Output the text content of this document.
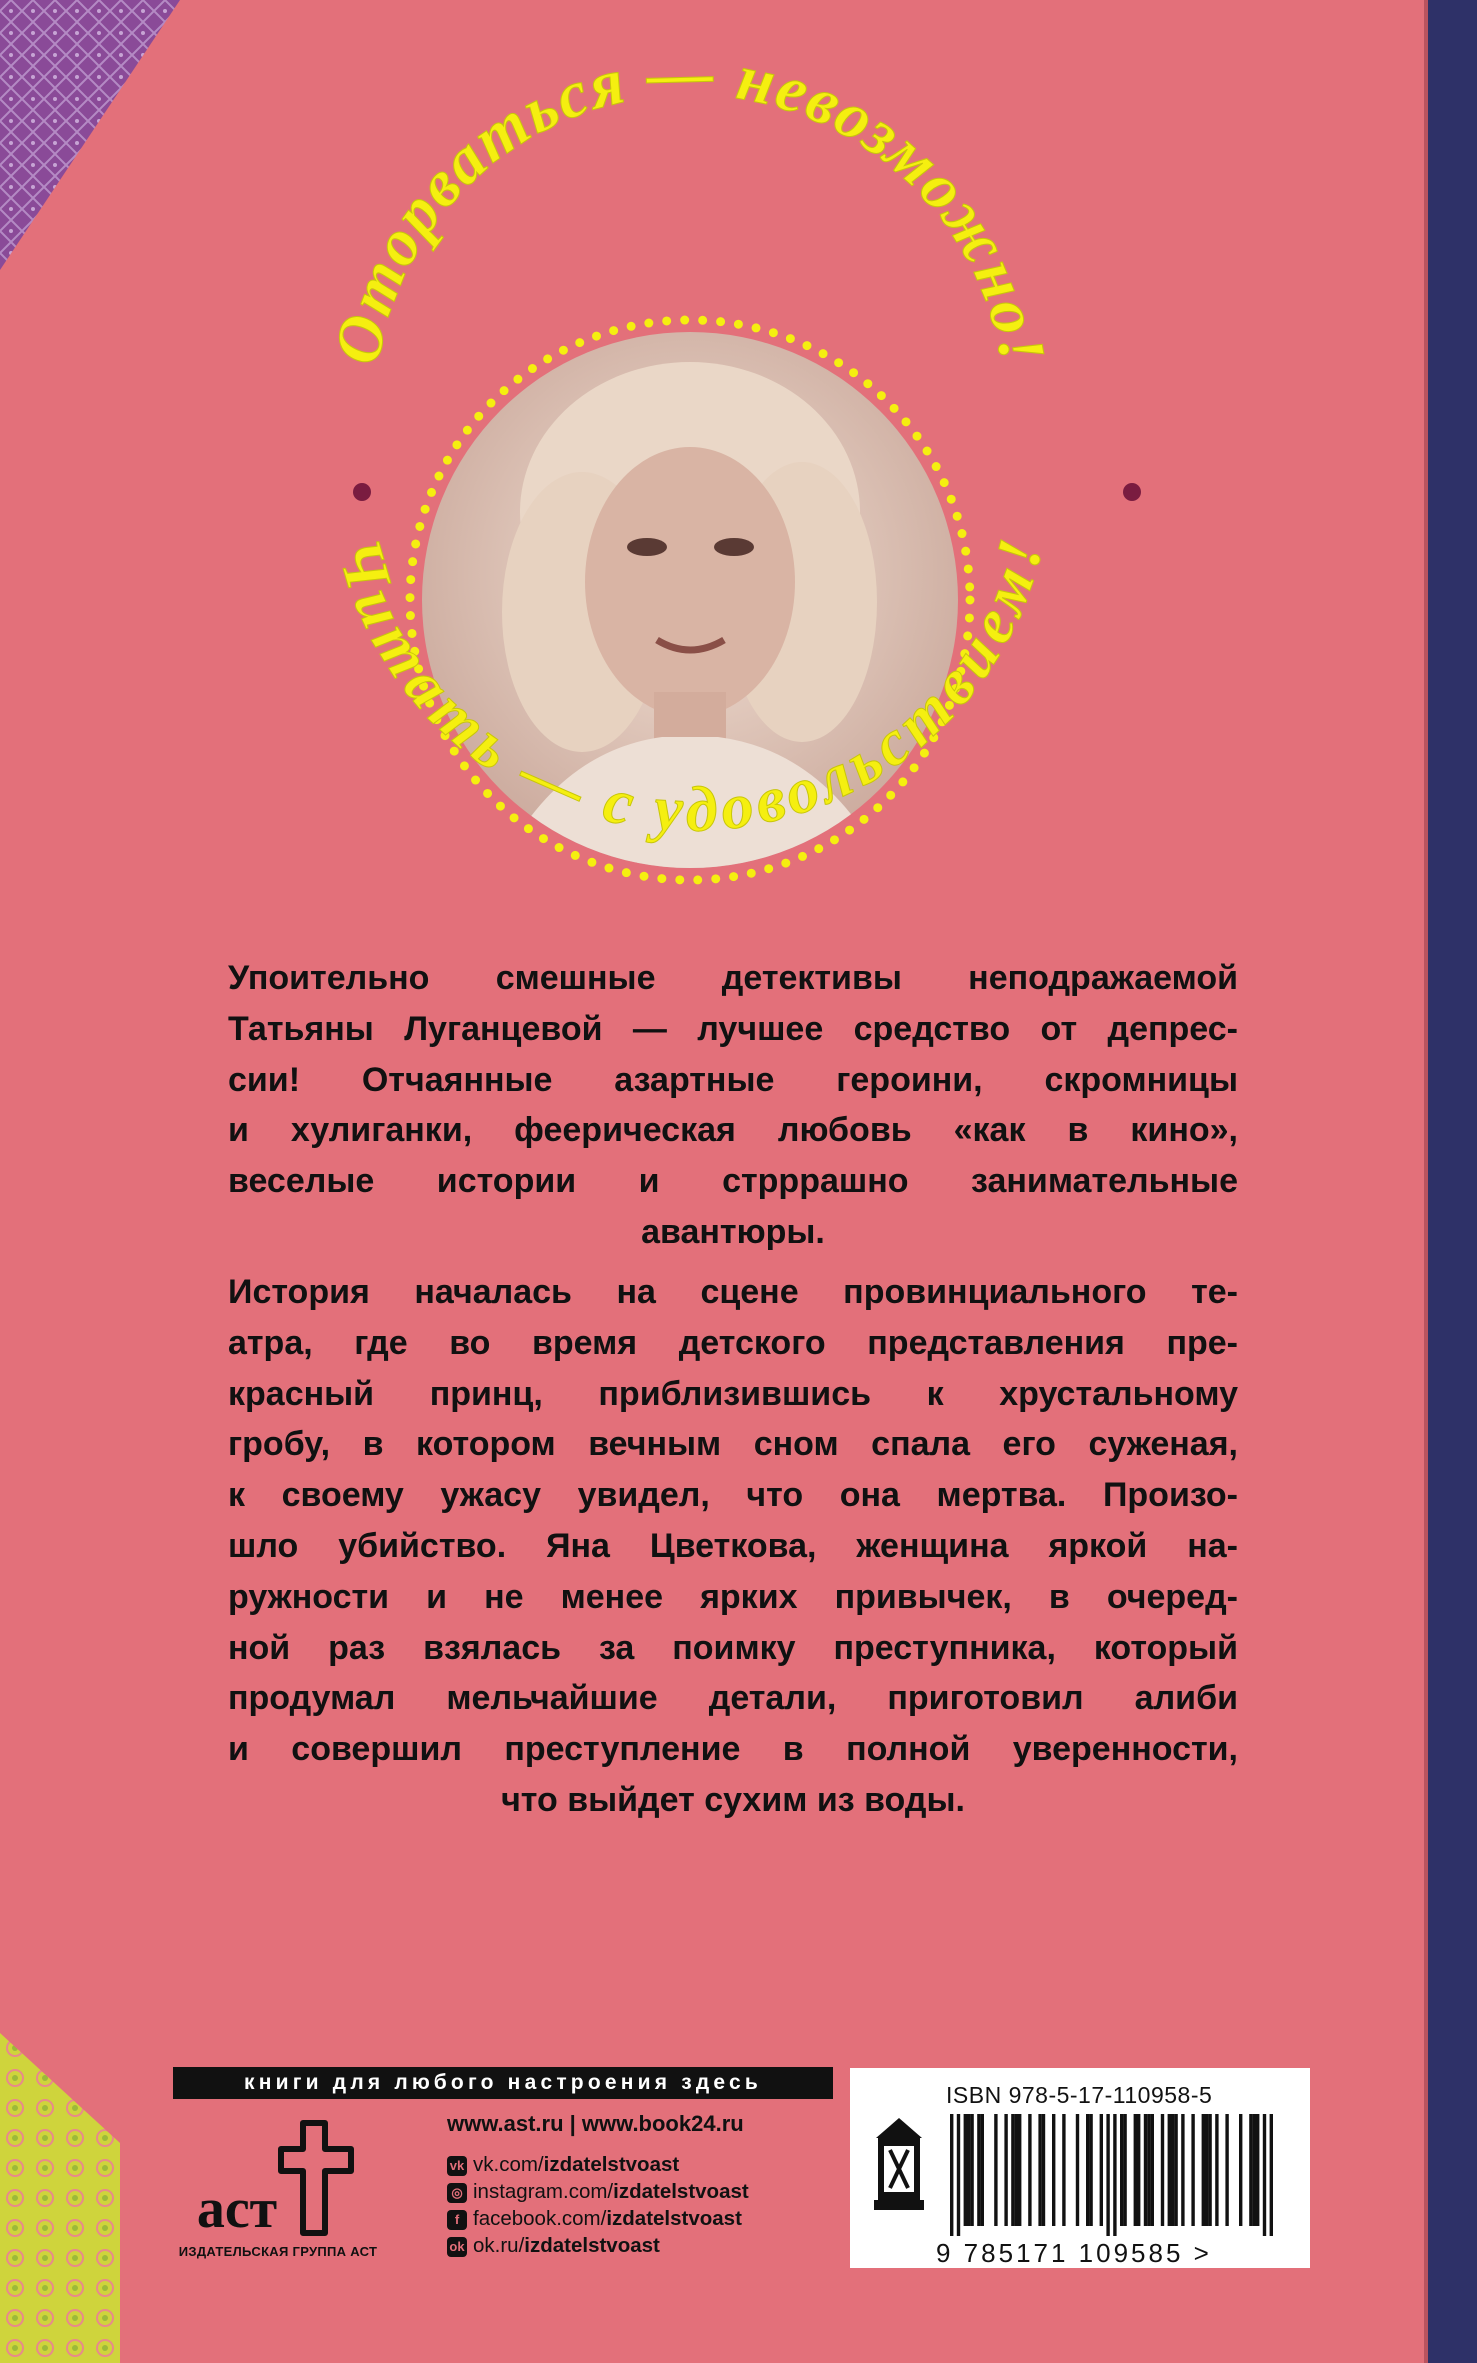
Оторваться — невозможно!
Читать — с удовольствием!
Упоительно смешные детективы неподражаемой
Татьяны Луганцевой — лучшее средство от депрес-
сии! Отчаянные азартные героини, скромницы
и хулиганки, феерическая любовь «как в кино»,
веселые истории и стрррашно занимательные
авантюры.
История началась на сцене провинциального те-
атра, где во время детского представления пре-
красный принц, приблизившись к хрустальному
гробу, в котором вечным сном спала его суженая,
к своему ужасу увидел, что она мертва. Произо-
шло убийство. Яна Цветкова, женщина яркой на-
ружности и не менее ярких привычек, в очеред-
ной раз взялась за поимку преступника, который
продумал мельчайшие детали, приготовил алиби
и совершил преступление в полной уверенности,
что выйдет сухим из воды.
книги для любого настроения здесь
аст
ИЗДАТЕЛЬСКАЯ ГРУППА АСТ
www.ast.ru | www.book24.ru
vk vk.com/izdatelstvoast
◎ instagram.com/izdatelstvoast
f facebook.com/izdatelstvoast
ok ok.ru/izdatelstvoast
ISBN 978-5-17-110958-5
9 785171 109585 >
